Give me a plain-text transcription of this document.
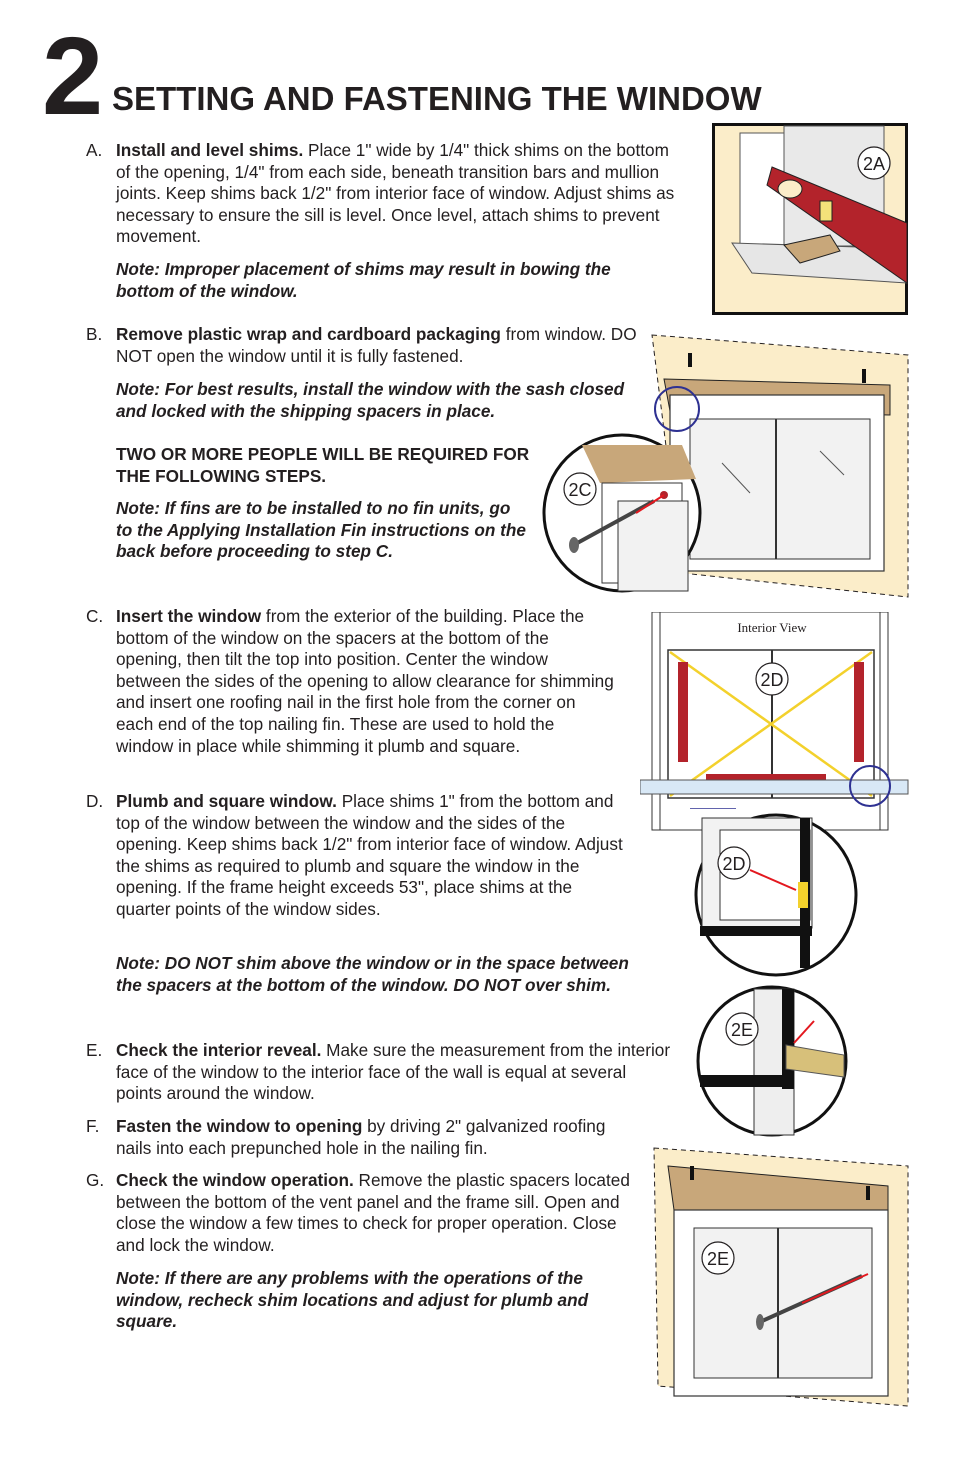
2 SETTING AND FASTENING THE WINDOW
A. Install and level shims. Place 1" wide by 1/4" thick shims on the bottom of the opening, 1/4" from each side, beneath transition bars and mullion joints. Keep shims back 1/2" from interior face of window. Adjust shims as necessary to ensure the sill is level. Once level, attach shims to prevent movement.
Note: Improper placement of shims may result in bowing the bottom of the window.
B. Remove plastic wrap and cardboard packaging from window. DO NOT open the window until it is fully fastened.
Note: For best results, install the window with the sash closed and locked with the shipping spacers in place.
TWO OR MORE PEOPLE WILL BE REQUIRED FOR THE FOLLOWING STEPS.
Note: If fins are to be installed to no fin units, go to the Applying Installation Fin instructions on the back before proceeding to step C.
C. Insert the window from the exterior of the building. Place the bottom of the window on the spacers at the bottom of the opening, then tilt the top into position. Center the window between the sides of the opening to allow clearance for shimming and insert one roofing nail in the first hole from the corner on each end of the top nailing fin. These are used to hold the window in place while shimming it plumb and square.
D. Plumb and square window. Place shims 1" from the bottom and top of the window between the window and the sides of the opening. Keep shims back 1/2" from interior face of window. Adjust the shims as required to plumb and square the window in the opening. If the frame height exceeds 53", place shims at the quarter points of the window sides.
Note: DO NOT shim above the window or in the space between the spacers at the bottom of the window. DO NOT over shim.
E. Check the interior reveal. Make sure the measurement from the interior face of the window to the interior face of the wall is equal at several points around the window.
F. Fasten the window to opening by driving 2" galvanized roofing nails into each prepunched hole in the nailing fin.
G. Check the window operation. Remove the plastic spacers located between the bottom of the vent panel and the frame sill. Open and close the window a few times to check for proper operation. Close and lock the window.
Note: If there are any problems with the operations of the window, recheck shim locations and adjust for plumb and square.
2A
2C
Interior View
2D
2D
2E
2E
